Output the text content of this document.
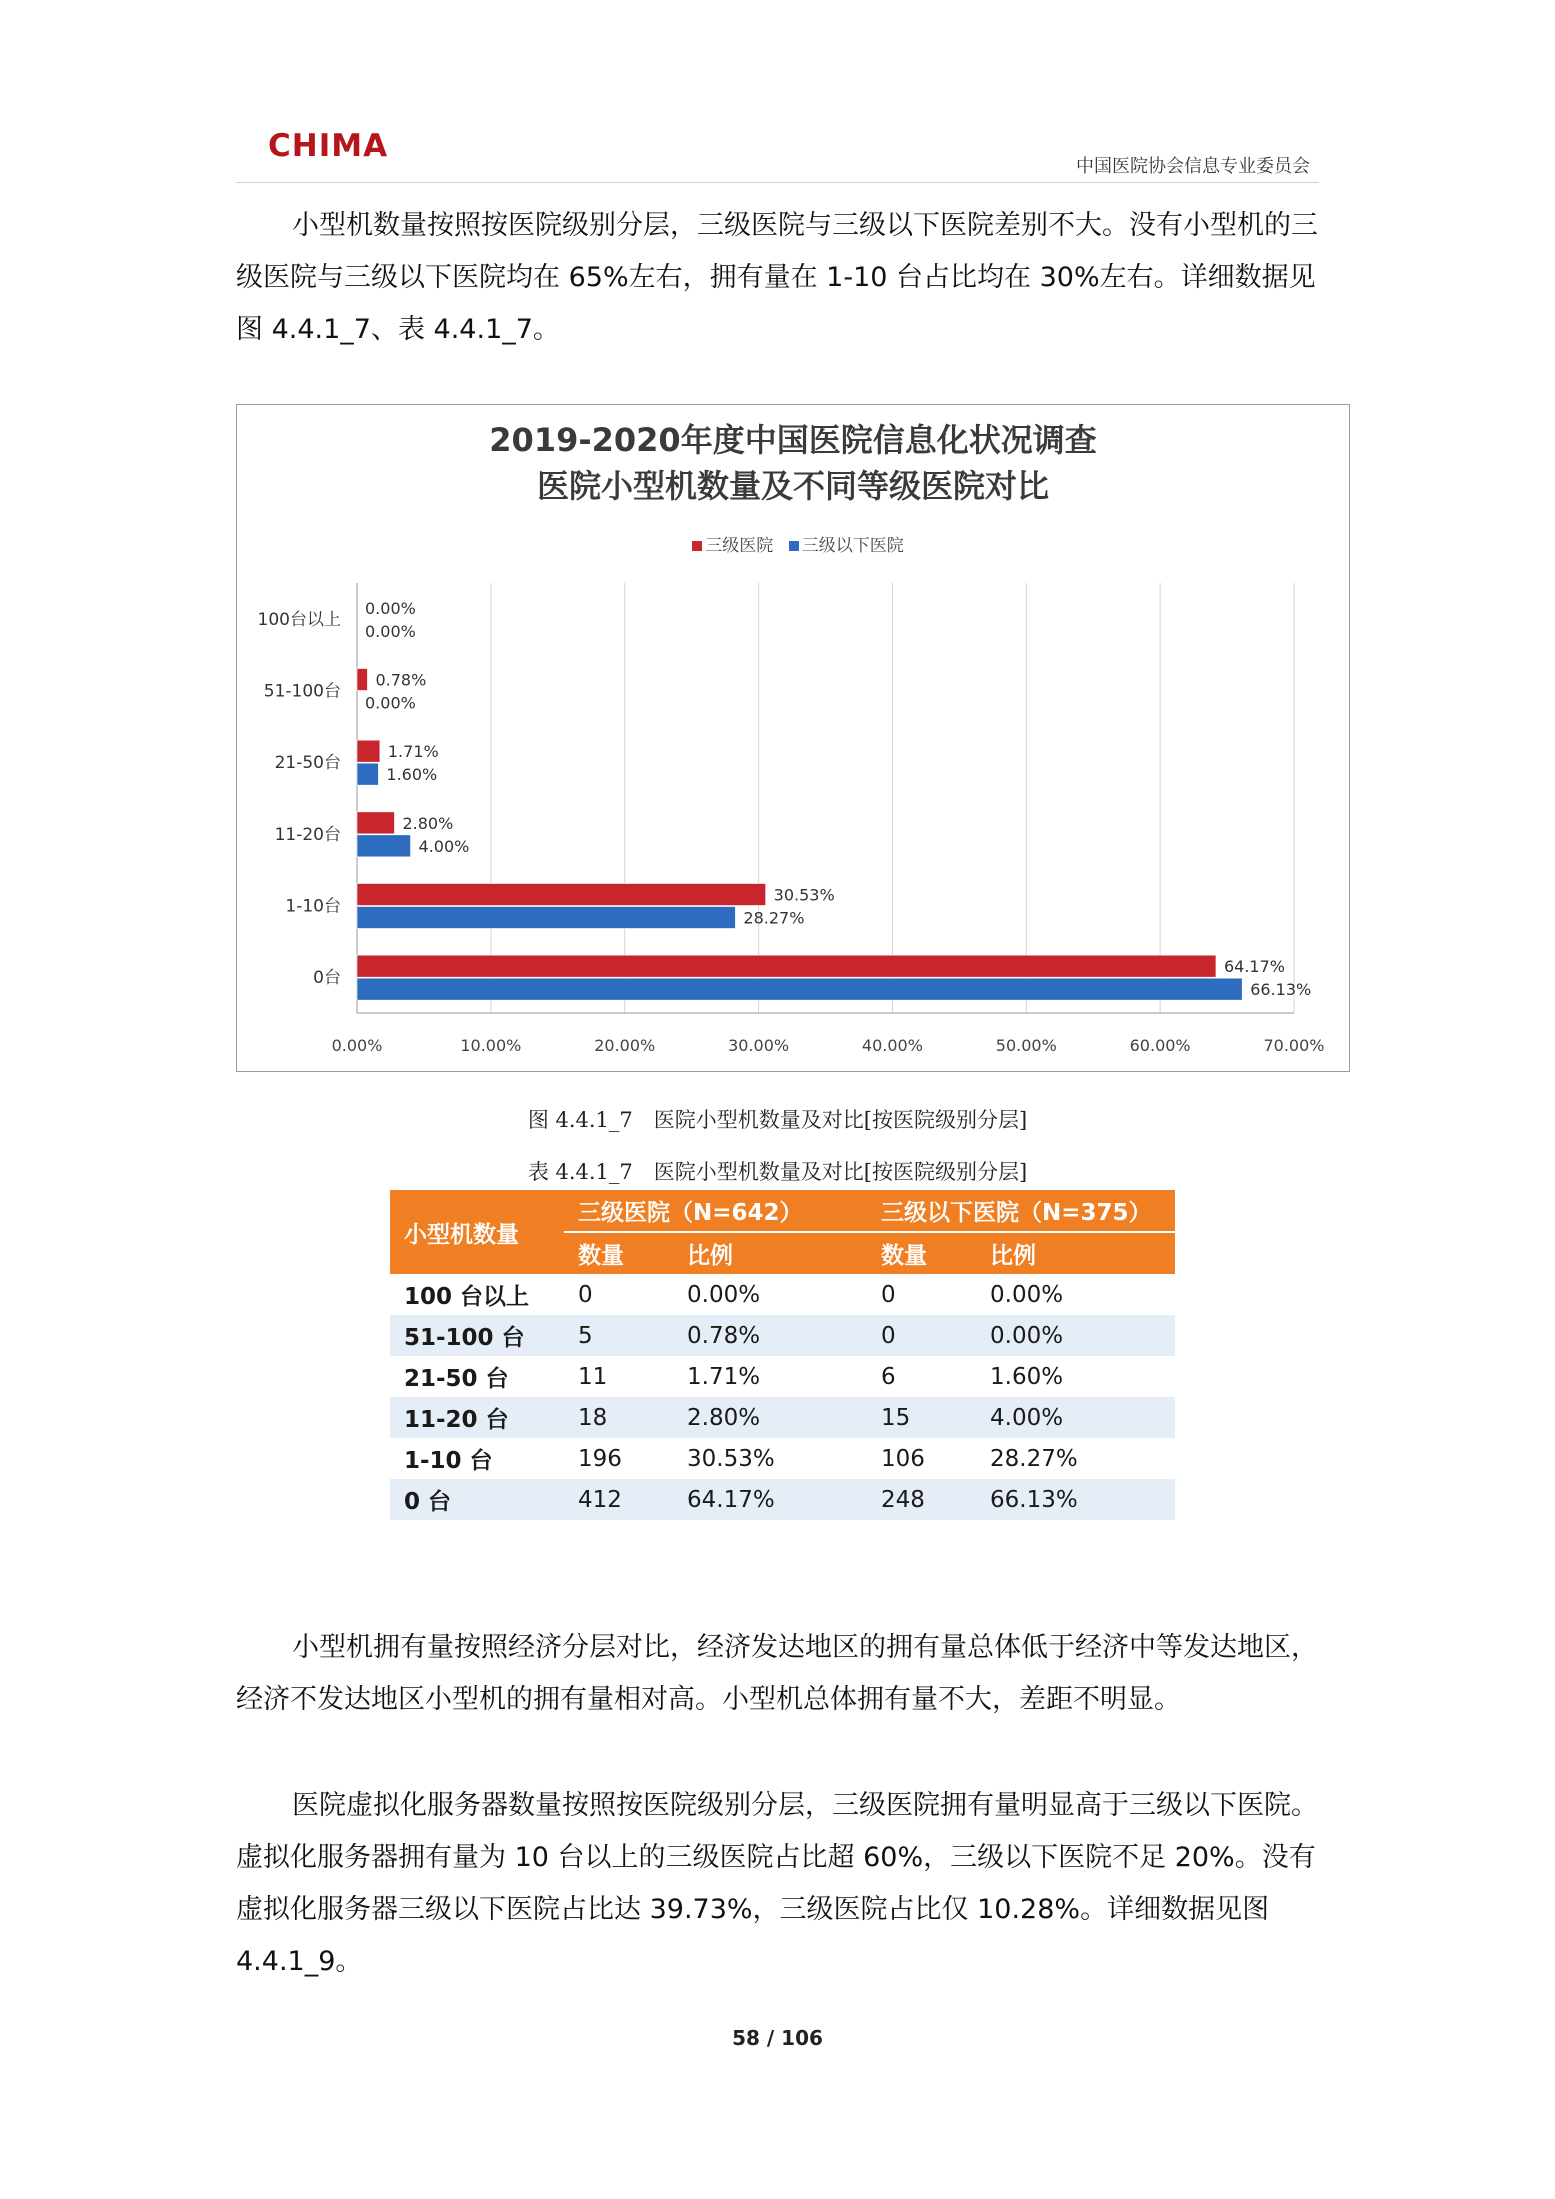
CHIMA
中国医院协会信息专业委员会

小型机数量按照按医院级别分层，三级医院与三级以下医院差别不大。没有小型机的三级医院与三级以下医院均在 65%左右，拥有量在 1-10 台占比均在 30%左右。详细数据见图 4.4.1_7、表 4.4.1_7。

2019-2020年度中国医院信息化状况调查
医院小型机数量及不同等级医院对比
三级医院 三级以下医院
0.00%	10.00%	20.00%	30.00%	40.00%	50.00%	60.00%	70.00%
100台以上
0.00%
0.00%
51-100台
0.78%
0.00%
21-50台
1.71%
1.60%
11-20台
2.80%
4.00%
1-10台
30.53%
28.27%
0台
64.17%
66.13%
图 4.4.1_7　医院小型机数量及对比[按医院级别分层]
表 4.4.1_7　医院小型机数量及对比[按医院级别分层]
小型机数量	三级医院（N=642）		三级以下医院（N=375）	
	数量	比例	数量	比例
100 台以上	0	0.00%	0	0.00%
51-100 台	5	0.78%	0	0.00%
21-50 台	11	1.71%	6	1.60%
11-20 台	18	2.80%	15	4.00%
1-10 台	196	30.53%	106	28.27%
0 台	412	64.17%	248	66.13%

小型机拥有量按照经济分层对比，经济发达地区的拥有量总体低于经济中等发达地区，经济不发达地区小型机的拥有量相对高。小型机总体拥有量不大，差距不明显。

医院虚拟化服务器数量按照按医院级别分层，三级医院拥有量明显高于三级以下医院。虚拟化服务器拥有量为 10 台以上的三级医院占比超 60%，三级以下医院不足 20%。没有虚拟化服务器三级以下医院占比达 39.73%，三级医院占比仅 10.28%。详细数据见图 4.4.1_9。

58 / 106
